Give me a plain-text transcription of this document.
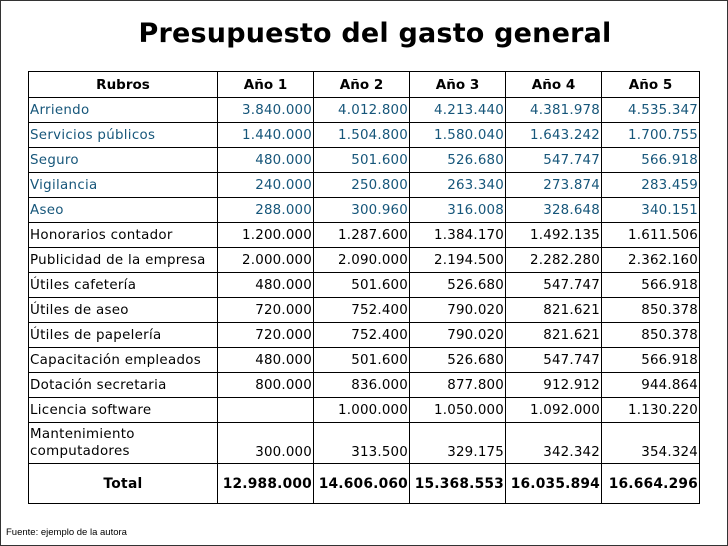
Presupuesto del gasto general
Rubros	Año 1	Año 2	Año 3	Año 4	Año 5
Arriendo	3.840.000	4.012.800	4.213.440	4.381.978	4.535.347
Servicios públicos	1.440.000	1.504.800	1.580.040	1.643.242	1.700.755
Seguro	480.000	501.600	526.680	547.747	566.918
Vigilancia	240.000	250.800	263.340	273.874	283.459
Aseo	288.000	300.960	316.008	328.648	340.151
Honorarios contador	1.200.000	1.287.600	1.384.170	1.492.135	1.611.506
Publicidad de la empresa	2.000.000	2.090.000	2.194.500	2.282.280	2.362.160
Útiles cafetería	480.000	501.600	526.680	547.747	566.918
Útiles de aseo	720.000	752.400	790.020	821.621	850.378
Útiles de papelería	720.000	752.400	790.020	821.621	850.378
Capacitación empleados	480.000	501.600	526.680	547.747	566.918
Dotación secretaria	800.000	836.000	877.800	912.912	944.864
Licencia software		1.000.000	1.050.000	1.092.000	1.130.220
Mantenimiento computadores	300.000	313.500	329.175	342.342	354.324
Total	12.988.000	14.606.060	15.368.553	16.035.894	16.664.296
Fuente: ejemplo de la autora
